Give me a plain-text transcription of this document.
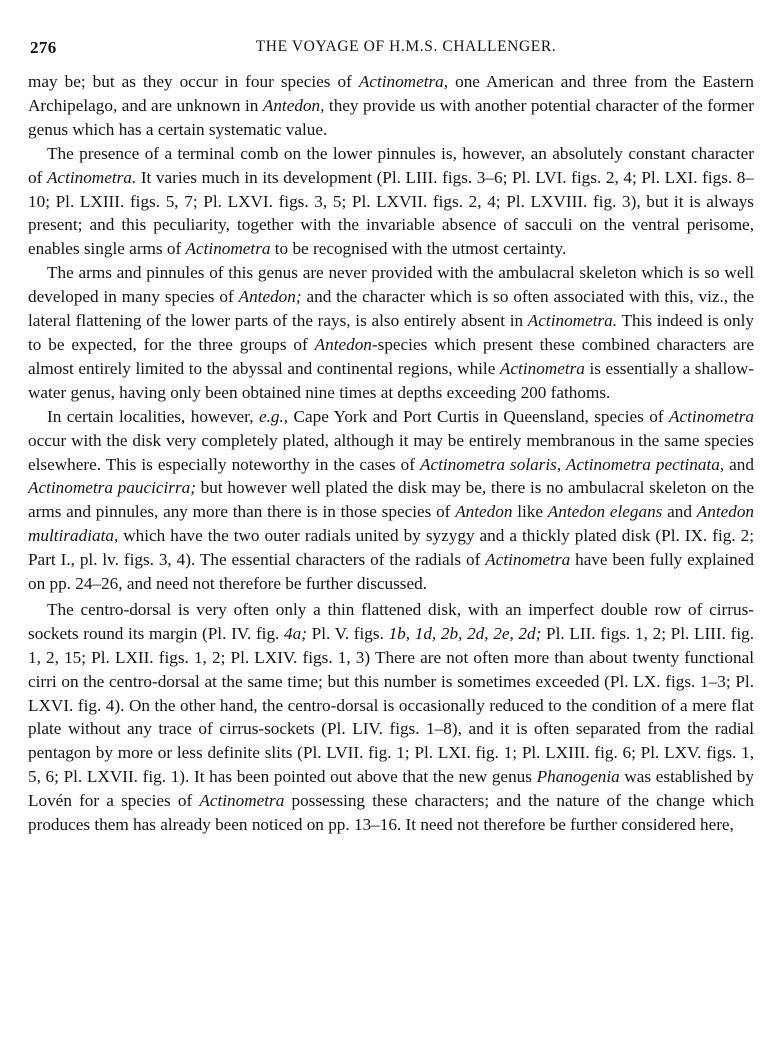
276	THE VOYAGE OF H.M.S. CHALLENGER.

may be; but as they occur in four species of Actinometra, one American and three from the Eastern Archipelago, and are unknown in Antedon, they provide us with another potential character of the former genus which has a certain systematic value.

The presence of a terminal comb on the lower pinnules is, however, an absolutely constant character of Actinometra. It varies much in its development (Pl. LIII. figs. 3–6; Pl. LVI. figs. 2, 4; Pl. LXI. figs. 8–10; Pl. LXIII. figs. 5, 7; Pl. LXVI. figs. 3, 5; Pl. LXVII. figs. 2, 4; Pl. LXVIII. fig. 3), but it is always present; and this peculiarity, together with the invariable absence of sacculi on the ventral perisome, enables single arms of Actinometra to be recognised with the utmost certainty.

The arms and pinnules of this genus are never provided with the ambulacral skeleton which is so well developed in many species of Antedon; and the character which is so often associated with this, viz., the lateral flattening of the lower parts of the rays, is also entirely absent in Actinometra. This indeed is only to be expected, for the three groups of Antedon-species which present these combined characters are almost entirely limited to the abyssal and continental regions, while Actinometra is essentially a shallow-water genus, having only been obtained nine times at depths exceeding 200 fathoms.

In certain localities, however, e.g., Cape York and Port Curtis in Queensland, species of Actinometra occur with the disk very completely plated, although it may be entirely membranous in the same species elsewhere. This is especially noteworthy in the cases of Actinometra solaris, Actinometra pectinata, and Actinometra paucicirra; but however well plated the disk may be, there is no ambulacral skeleton on the arms and pinnules, any more than there is in those species of Antedon like Antedon elegans and Antedon multiradiata, which have the two outer radials united by syzygy and a thickly plated disk (Pl. IX. fig. 2; Part I., pl. lv. figs. 3, 4). The essential characters of the radials of Actinometra have been fully explained on pp. 24–26, and need not therefore be further discussed.

The centro-dorsal is very often only a thin flattened disk, with an imperfect double row of cirrus-sockets round its margin (Pl. IV. fig. 4a; Pl. V. figs. 1b, 1d, 2b, 2d, 2e, 2d; Pl. LII. figs. 1, 2; Pl. LIII. fig. 1, 2, 15; Pl. LXII. figs. 1, 2; Pl. LXIV. figs. 1, 3) There are not often more than about twenty functional cirri on the centro-dorsal at the same time; but this number is sometimes exceeded (Pl. LX. figs. 1–3; Pl. LXVI. fig. 4). On the other hand, the centro-dorsal is occasionally reduced to the condition of a mere flat plate without any trace of cirrus-sockets (Pl. LIV. figs. 1–8), and it is often separated from the radial pentagon by more or less definite slits (Pl. LVII. fig. 1; Pl. LXI. fig. 1; Pl. LXIII. fig. 6; Pl. LXV. figs. 1, 5, 6; Pl. LXVII. fig. 1). It has been pointed out above that the new genus Phanogenia was established by Lovén for a species of Actinometra possessing these characters; and the nature of the change which produces them has already been noticed on pp. 13–16. It need not therefore be further considered here,
